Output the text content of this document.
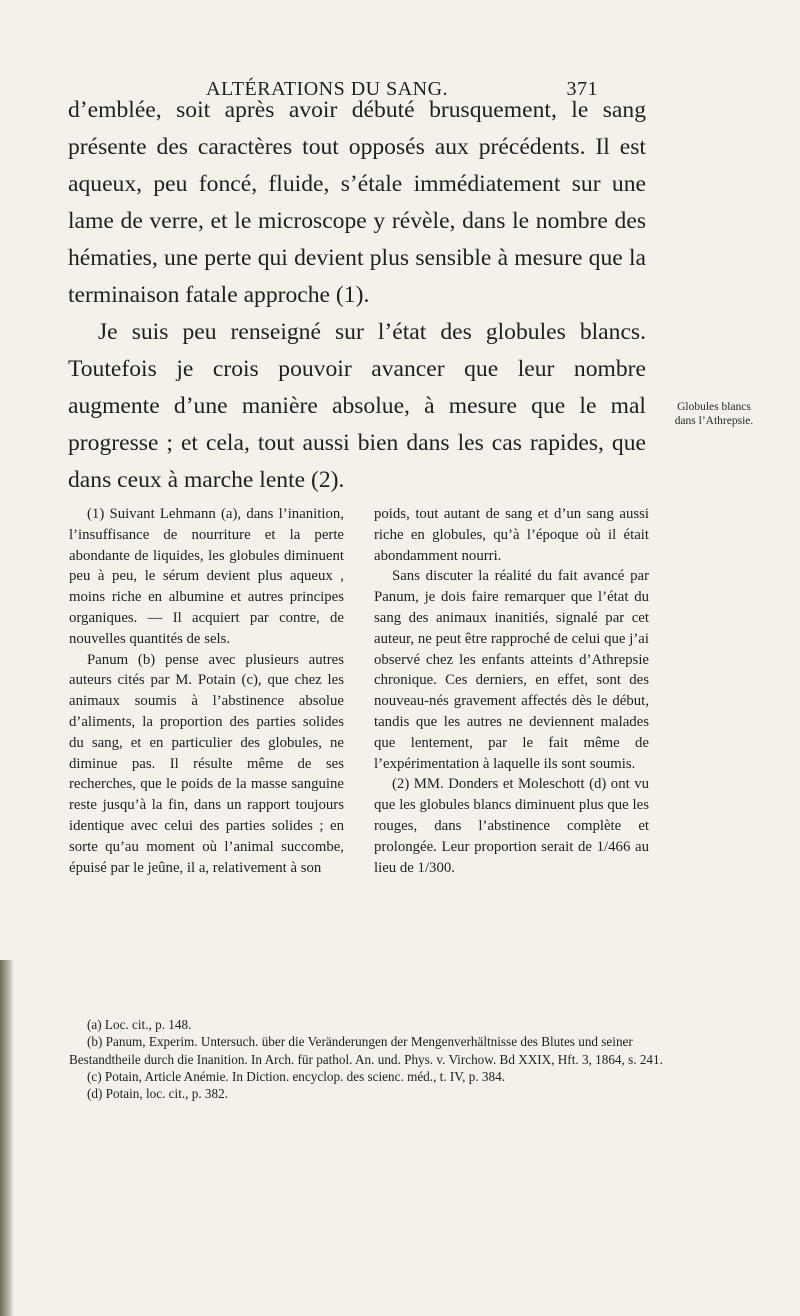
ALTÉRATIONS DU SANG.	371

d’emblée, soit après avoir débuté brusquement, le sang présente des caractères tout opposés aux précédents. Il est aqueux, peu foncé, fluide, s’étale immédiatement sur une lame de verre, et le microscope y révèle, dans le nombre des hématies, une perte qui devient plus sensible à mesure que la terminaison fatale approche (1).

Je suis peu renseigné sur l’état des globules blancs. Toutefois je crois pouvoir avancer que leur nombre augmente d’une manière absolue, à mesure que le mal progresse ; et cela, tout aussi bien dans les cas rapides, que dans ceux à marche lente (2).

Globules blancs dans l’Athrepsie.

(1) Suivant Lehmann (a), dans l’inanition, l’insuffisance de nourriture et la perte abondante de liquides, les globules diminuent peu à peu, le sérum devient plus aqueux , moins riche en albumine et autres principes organiques. — Il acquiert par contre, de nouvelles quantités de sels.

Panum (b) pense avec plusieurs autres auteurs cités par M. Potain (c), que chez les animaux soumis à l’abstinence absolue d’aliments, la proportion des parties solides du sang, et en particulier des globules, ne diminue pas. Il résulte même de ses recherches, que le poids de la masse sanguine reste jusqu’à la fin, dans un rapport toujours identique avec celui des parties solides ; en sorte qu’au moment où l’animal succombe, épuisé par le jeûne, il a, relativement à son

poids, tout autant de sang et d’un sang aussi riche en globules, qu’à l’époque où il était abondamment nourri.

Sans discuter la réalité du fait avancé par Panum, je dois faire remarquer que l’état du sang des animaux inanitiés, signalé par cet auteur, ne peut être rapproché de celui que j’ai observé chez les enfants atteints d’Athrepsie chronique. Ces derniers, en effet, sont des nouveau-nés gravement affectés dès le début, tandis que les autres ne deviennent malades que lentement, par le fait même de l’expérimentation à laquelle ils sont soumis.

(2) MM. Donders et Moleschott (d) ont vu que les globules blancs diminuent plus que les rouges, dans l’abstinence complète et prolongée. Leur proportion serait de 1/466 au lieu de 1/300.

(a) Loc. cit., p. 148.

(b) Panum, Experim. Untersuch. über die Veränderungen der Mengenverhältnisse des Blutes und seiner Bestandtheile durch die Inanition. In Arch. für pathol. An. und. Phys. v. Virchow. Bd XXIX, Hft. 3, 1864, s. 241.

(c) Potain, Article Anémie. In Diction. encyclop. des scienc. méd., t. IV, p. 384.

(d) Potain, loc. cit., p. 382.
